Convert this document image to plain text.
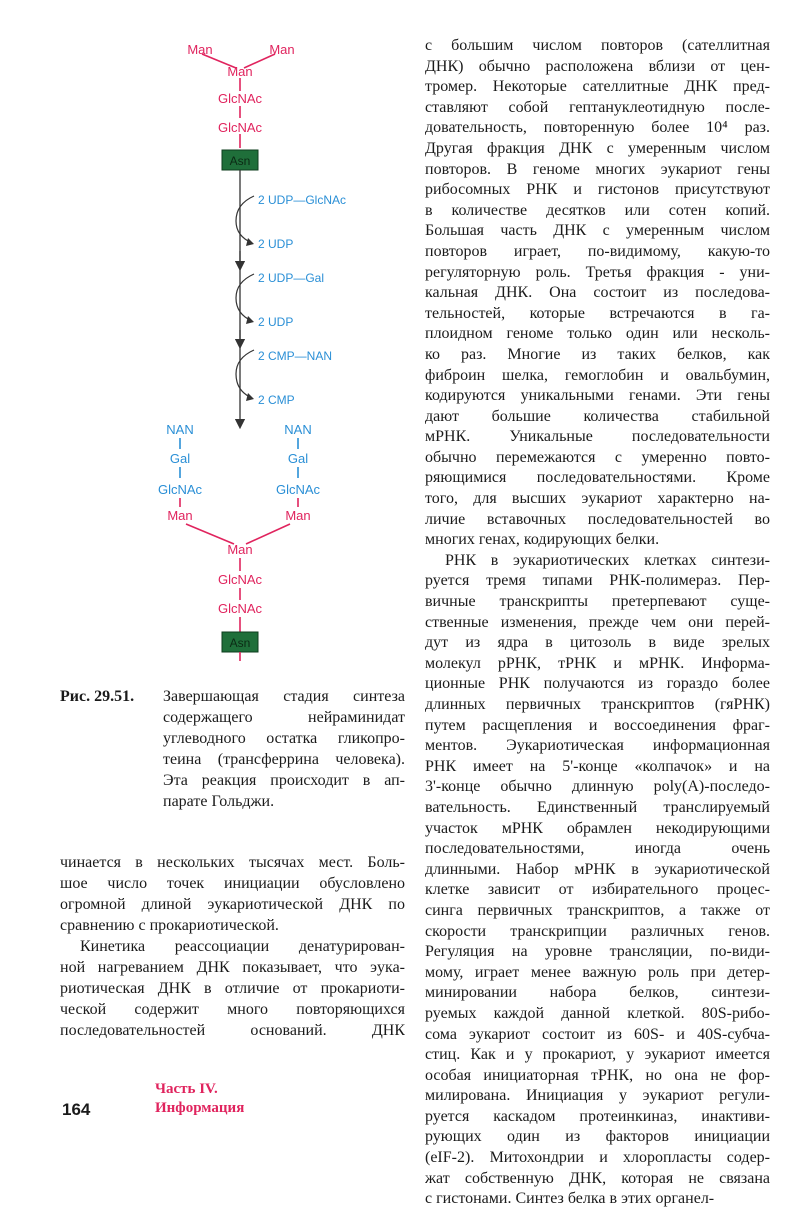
Man	Man
Man
GlcNAc
GlcNAc
Asn
2 UDP—GlcNAc
2 UDP
2 UDP—Gal
2 UDP
2 CMP—NAN
2 CMP
NAN
Gal
GlcNAc
Man
NAN
Gal
GlcNAc
Man
Man
GlcNAc
GlcNAc
Asn
Рис. 29.51. Завершающая стадия синтеза
содержащего нейраминидат
углеводного остатка гликопро-
теина (трансферрина человека).
Эта реакция происходит в ап-
парате Гольджи.
чинается в нескольких тысячах мест. Боль-
шое число точек инициации обусловлено
огромной длиной эукариотической ДНК по
сравнению с прокариотической.
Кинетика реассоциации денатурирован-
ной нагреванием ДНК показывает, что эука-
риотическая ДНК в отличие от прокариоти-
ческой содержит много повторяющихся
последовательностей оснований. ДНК
с большим числом повторов (сателлитная
ДНК) обычно расположена вблизи от цен-
тромер. Некоторые сателлитные ДНК пред-
ставляют собой гептануклеотидную после-
довательность, повторенную более 10⁴ раз.
Другая фракция ДНК с умеренным числом
повторов. В геноме многих эукариот гены
рибосомных РНК и гистонов присутствуют
в количестве десятков или сотен копий.
Большая часть ДНК с умеренным числом
повторов играет, по-видимому, какую-то
регуляторную роль. Третья фракция - уни-
кальная ДНК. Она состоит из последова-
тельностей, которые встречаются в га-
плоидном геноме только один или несколь-
ко раз. Многие из таких белков, как
фиброин шелка, гемоглобин и овальбумин,
кодируются уникальными генами. Эти гены
дают большие количества стабильной
мРНК. Уникальные последовательности
обычно перемежаются с умеренно повто-
ряющимися последовательностями. Кроме
того, для высших эукариот характерно на-
личие вставочных последовательностей во
многих генах, кодирующих белки.
РНК в эукариотических клетках синтези-
руется тремя типами РНК-полимераз. Пер-
вичные транскрипты претерпевают суще-
ственные изменения, прежде чем они перей-
дут из ядра в цитозоль в виде зрелых
молекул рРНК, тРНК и мРНК. Информа-
ционные РНК получаются из гораздо более
длинных первичных транскриптов (гяРНК)
путем расщепления и воссоединения фраг-
ментов. Эукариотическая информационная
РНК имеет на 5'-конце «колпачок» и на
3'-конце обычно длинную poly(A)-последо-
вательность. Единственный транслируемый
участок мРНК обрамлен некодирующими
последовательностями, иногда очень
длинными. Набор мРНК в эукариотической
клетке зависит от избирательного процес-
синга первичных транскриптов, а также от
скорости транскрипции различных генов.
Регуляция на уровне трансляции, по-види-
мому, играет менее важную роль при детер-
минировании набора белков, синтези-
руемых каждой данной клеткой. 80S-рибо-
сома эукариот состоит из 60S- и 40S-субча-
стиц. Как и у прокариот, у эукариот имеется
особая инициаторная тРНК, но она не фор-
милирована. Инициация у эукариот регули-
руется каскадом протеинкиназ, инактиви-
рующих один из факторов инициации
(eIF-2). Митохондрии и хлоропласты содер-
жат собственную ДНК, которая не связана
с гистонами. Синтез белка в этих органел-
164
Часть IV.
Информация
